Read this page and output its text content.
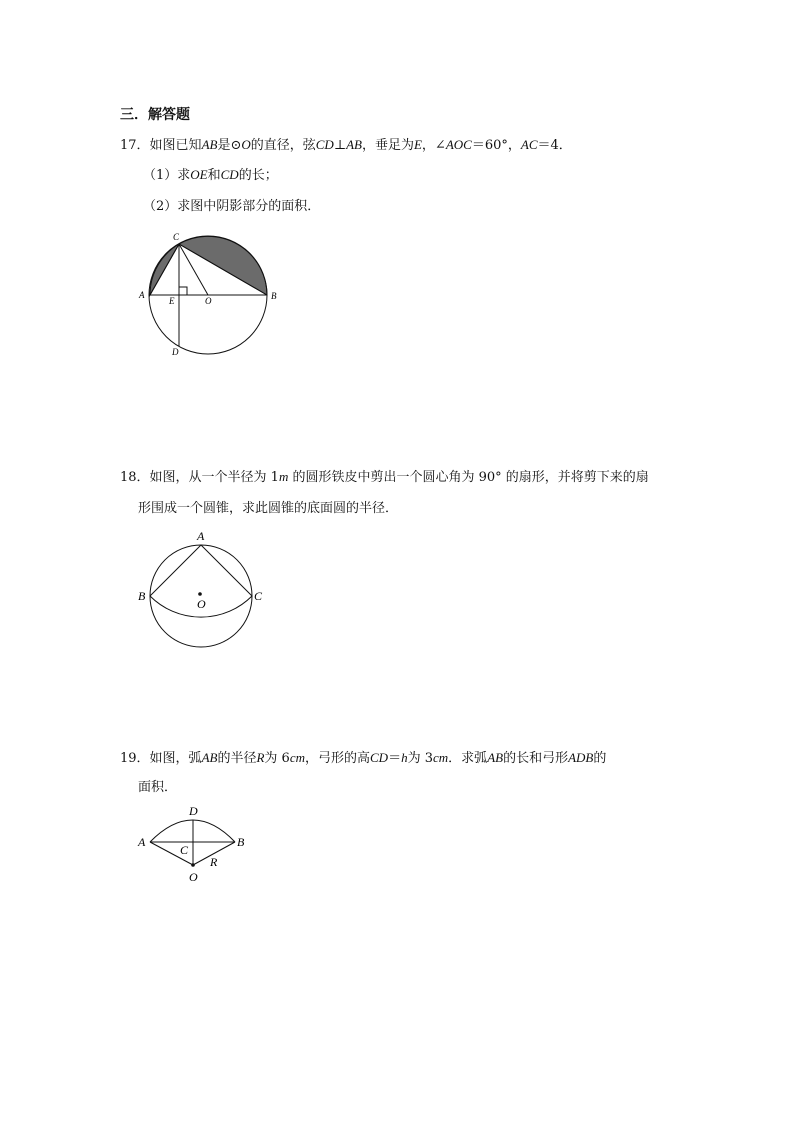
三．解答题
17．如图已知AB是⊙O的直径，弦CD⊥AB，垂足为E，∠AOC＝60°，AC＝4．
（1）求OE和CD的长；
（2）求图中阴影部分的面积．
C
A	B
E	O
D
18．如图，从一个半径为 1m 的圆形铁皮中剪出一个圆心角为 90° 的扇形，并将剪下来的扇
形围成一个圆锥，求此圆锥的底面圆的半径．
A
B	C
O
19．如图，弧AB的半径R为 6cm，弓形的高CD＝h为 3cm．求弧AB的长和弓形ADB的
面积．
D
A	B
C
R
O
